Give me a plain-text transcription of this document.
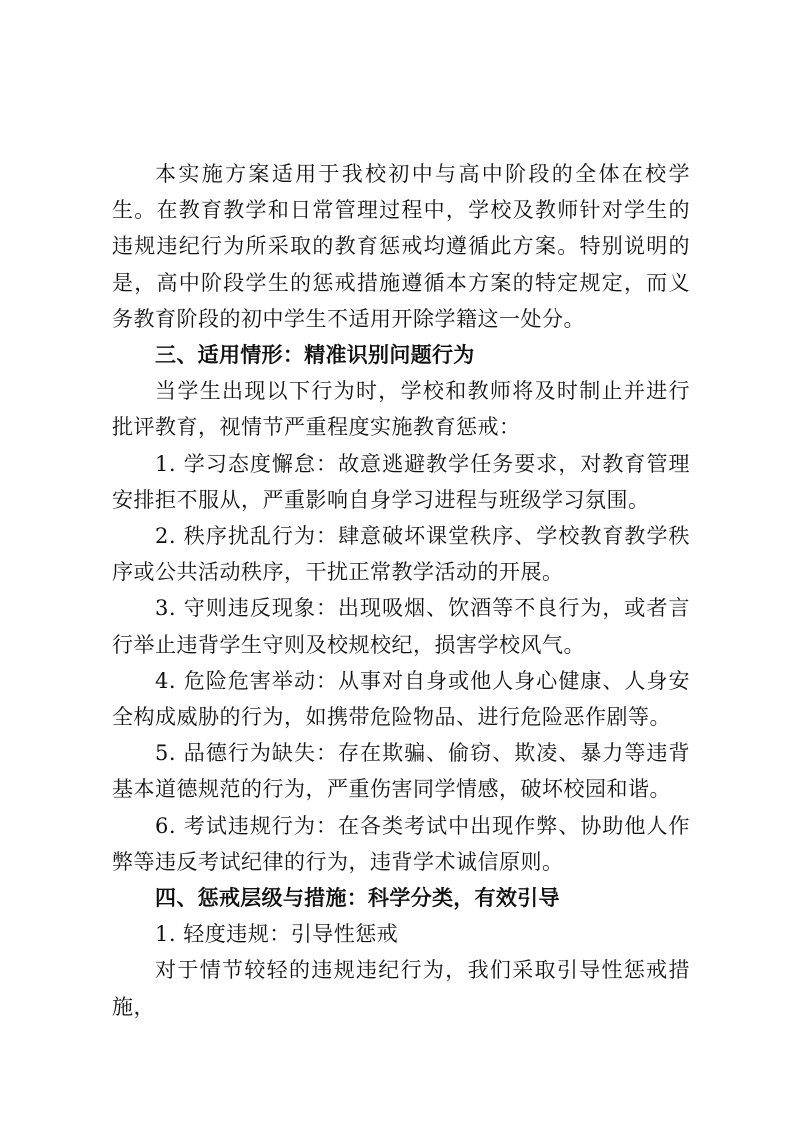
本实施方案适用于我校初中与高中阶段的全体在校学生。在教育教学和日常管理过程中，学校及教师针对学生的违规违纪行为所采取的教育惩戒均遵循此方案。特别说明的是，高中阶段学生的惩戒措施遵循本方案的特定规定，而义务教育阶段的初中学生不适用开除学籍这一处分。

三、适用情形：精准识别问题行为

当学生出现以下行为时，学校和教师将及时制止并进行批评教育，视情节严重程度实施教育惩戒：

1. 学习态度懈怠：故意逃避教学任务要求，对教育管理安排拒不服从，严重影响自身学习进程与班级学习氛围。

2. 秩序扰乱行为：肆意破坏课堂秩序、学校教育教学秩序或公共活动秩序，干扰正常教学活动的开展。

3. 守则违反现象：出现吸烟、饮酒等不良行为，或者言行举止违背学生守则及校规校纪，损害学校风气。

4. 危险危害举动：从事对自身或他人身心健康、人身安全构成威胁的行为，如携带危险物品、进行危险恶作剧等。

5. 品德行为缺失：存在欺骗、偷窃、欺凌、暴力等违背基本道德规范的行为，严重伤害同学情感，破坏校园和谐。

6. 考试违规行为：在各类考试中出现作弊、协助他人作弊等违反考试纪律的行为，违背学术诚信原则。

四、惩戒层级与措施：科学分类，有效引导

1. 轻度违规：引导性惩戒

对于情节较轻的违规违纪行为，我们采取引导性惩戒措施，
